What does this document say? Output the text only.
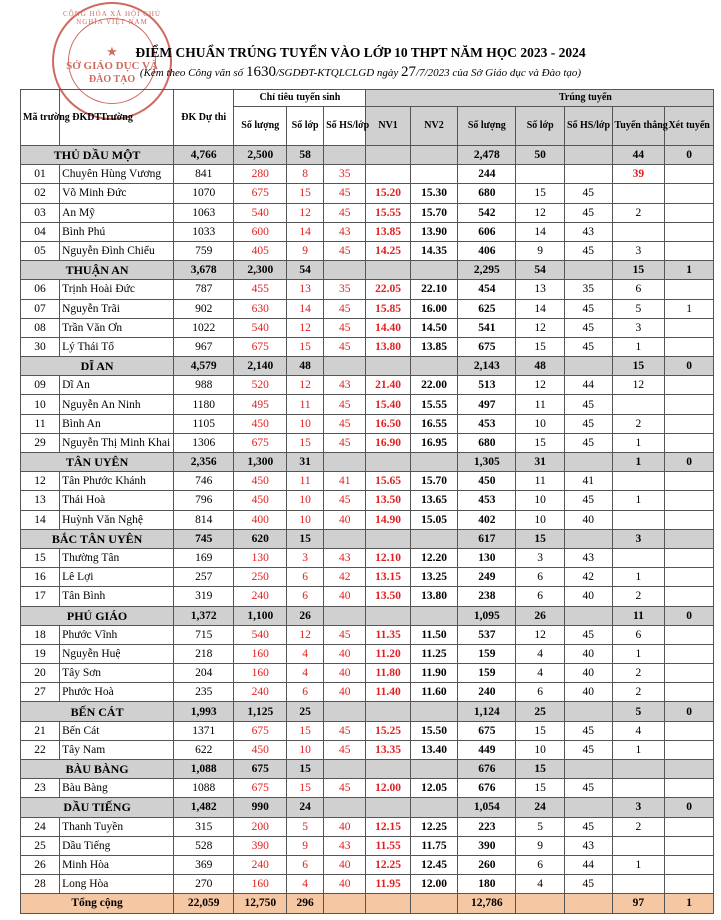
CỘNG HÒA XÃ HỘI CHỦ NGHĨA VIỆT NAM
★
SỞ GIÁO DỤC VÀ
ĐÀO TẠO
ĐIỂM CHUẨN TRÚNG TUYỂN VÀO LỚP 10 THPT NĂM HỌC 2023 - 2024
(Kèm theo Công văn số 1630/SGDĐT-KTQLCLGD ngày 27/7/2023 của Sở Giáo dục và Đào tạo)
Mã trường ĐKDT	Trường	ĐK Dự thi	Chỉ tiêu tuyển sinh					Trúng tuyển				
			Số lượng	Số lớp	Số HS/lớp	NV1	NV2	Số lượng	Số lớp	Số HS/lớp	Tuyển thẳng	Xét tuyển
THỦ DẦU MỘT		4,766	2,500	58				2,478	50		44	0
01	Chuyên Hùng Vương	841	280	8	35			244			39	
02	Võ Minh Đức	1070	675	15	45	15.20	15.30	680	15	45		
03	An Mỹ	1063	540	12	45	15.55	15.70	542	12	45	2	
04	Bình Phú	1033	600	14	43	13.85	13.90	606	14	43		
05	Nguyễn Đình Chiểu	759	405	9	45	14.25	14.35	406	9	45	3	
THUẬN AN		3,678	2,300	54				2,295	54		15	1
06	Trịnh Hoài Đức	787	455	13	35	22.05	22.10	454	13	35	6	
07	Nguyễn Trãi	902	630	14	45	15.85	16.00	625	14	45	5	1
08	Trần Văn Ơn	1022	540	12	45	14.40	14.50	541	12	45	3	
30	Lý Thái Tổ	967	675	15	45	13.80	13.85	675	15	45	1	
DĨ AN		4,579	2,140	48				2,143	48		15	0
09	Dĩ An	988	520	12	43	21.40	22.00	513	12	44	12	
10	Nguyễn An Ninh	1180	495	11	45	15.40	15.55	497	11	45		
11	Bình An	1105	450	10	45	16.50	16.55	453	10	45	2	
29	Nguyễn Thị Minh Khai	1306	675	15	45	16.90	16.95	680	15	45	1	
TÂN UYÊN		2,356	1,300	31				1,305	31		1	0
12	Tân Phước Khánh	746	450	11	41	15.65	15.70	450	11	41		
13	Thái Hoà	796	450	10	45	13.50	13.65	453	10	45	1	
14	Huỳnh Văn Nghệ	814	400	10	40	14.90	15.05	402	10	40		
BẮC TÂN UYÊN		745	620	15				617	15		3	
15	Thường Tân	169	130	3	43	12.10	12.20	130	3	43		
16	Lê Lợi	257	250	6	42	13.15	13.25	249	6	42	1	
17	Tân Bình	319	240	6	40	13.50	13.80	238	6	40	2	
PHÚ GIÁO		1,372	1,100	26				1,095	26		11	0
18	Phước Vĩnh	715	540	12	45	11.35	11.50	537	12	45	6	
19	Nguyễn Huệ	218	160	4	40	11.20	11.25	159	4	40	1	
20	Tây Sơn	204	160	4	40	11.80	11.90	159	4	40	2	
27	Phước Hoà	235	240	6	40	11.40	11.60	240	6	40	2	
BẾN CÁT		1,993	1,125	25				1,124	25		5	0
21	Bến Cát	1371	675	15	45	15.25	15.50	675	15	45	4	
22	Tây Nam	622	450	10	45	13.35	13.40	449	10	45	1	
BÀU BÀNG		1,088	675	15				676	15			
23	Bàu Bàng	1088	675	15	45	12.00	12.05	676	15	45		
DẦU TIẾNG		1,482	990	24				1,054	24		3	0
24	Thanh Tuyền	315	200	5	40	12.15	12.25	223	5	45	2	
25	Dầu Tiếng	528	390	9	43	11.55	11.75	390	9	43		
26	Minh Hòa	369	240	6	40	12.25	12.45	260	6	44	1	
28	Long Hòa	270	160	4	40	11.95	12.00	180	4	45		
Tổng cộng		22,059	12,750	296				12,786			97	1
